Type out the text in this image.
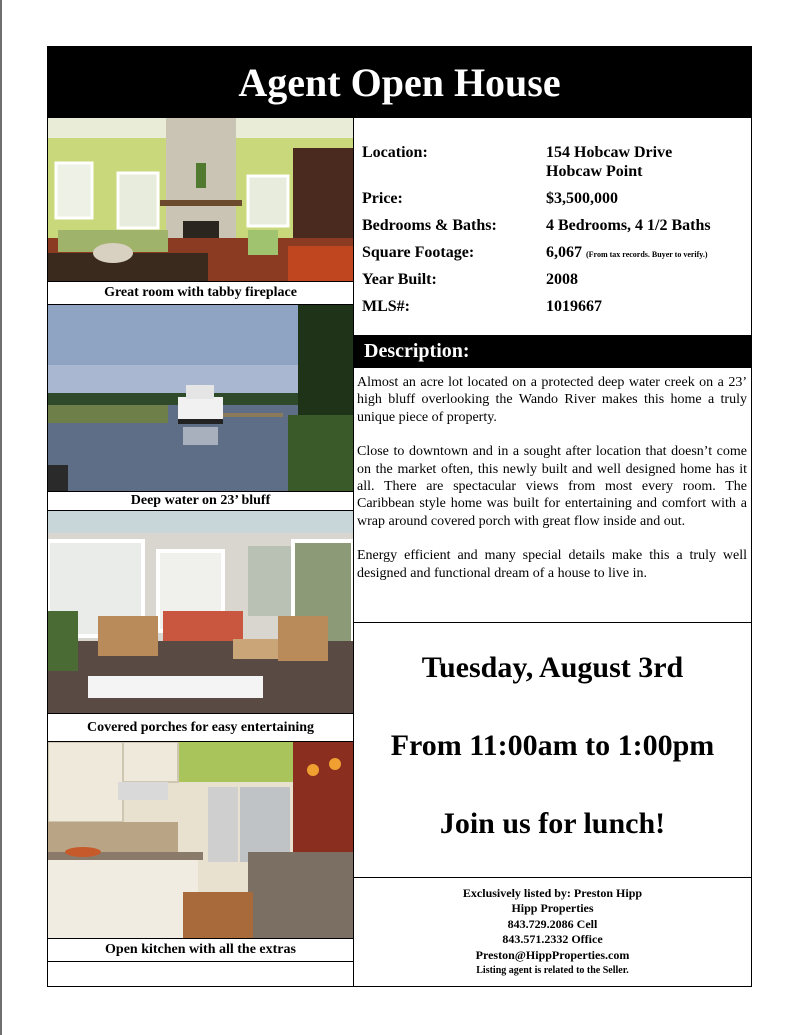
Agent Open House
Great room with tabby fireplace
Deep water on 23’ bluff
Covered porches for easy entertaining
Open kitchen with all the extras
Location:	154 Hobcaw Drive
Hobcaw Point
Price:	$3,500,000
Bedrooms & Baths:	4 Bedrooms, 4 1/2 Baths
Square Footage:	6,067 (From tax records. Buyer to verify.)
Year Built:	2008
MLS#:	1019667
Description:

Almost an acre lot located on a protected deep water creek on a 23’ high bluff overlooking the Wando River makes this home a truly unique piece of property.

Close to downtown and in a sought after location that doesn’t come on the market often, this newly built and well designed home has it all. There are spectacular views from most every room. The Caribbean style home was built for entertaining and comfort with a wrap around covered porch with great flow inside and out.

Energy efficient and many special details make this a truly well designed and functional dream of a house to live in.

Tuesday, August 3rd
From 11:00am to 1:00pm
Join us for lunch!
Exclusively listed by: Preston Hipp
Hipp Properties
843.729.2086 Cell
843.571.2332 Office
Preston@HippProperties.com
Listing agent is related to the Seller.
